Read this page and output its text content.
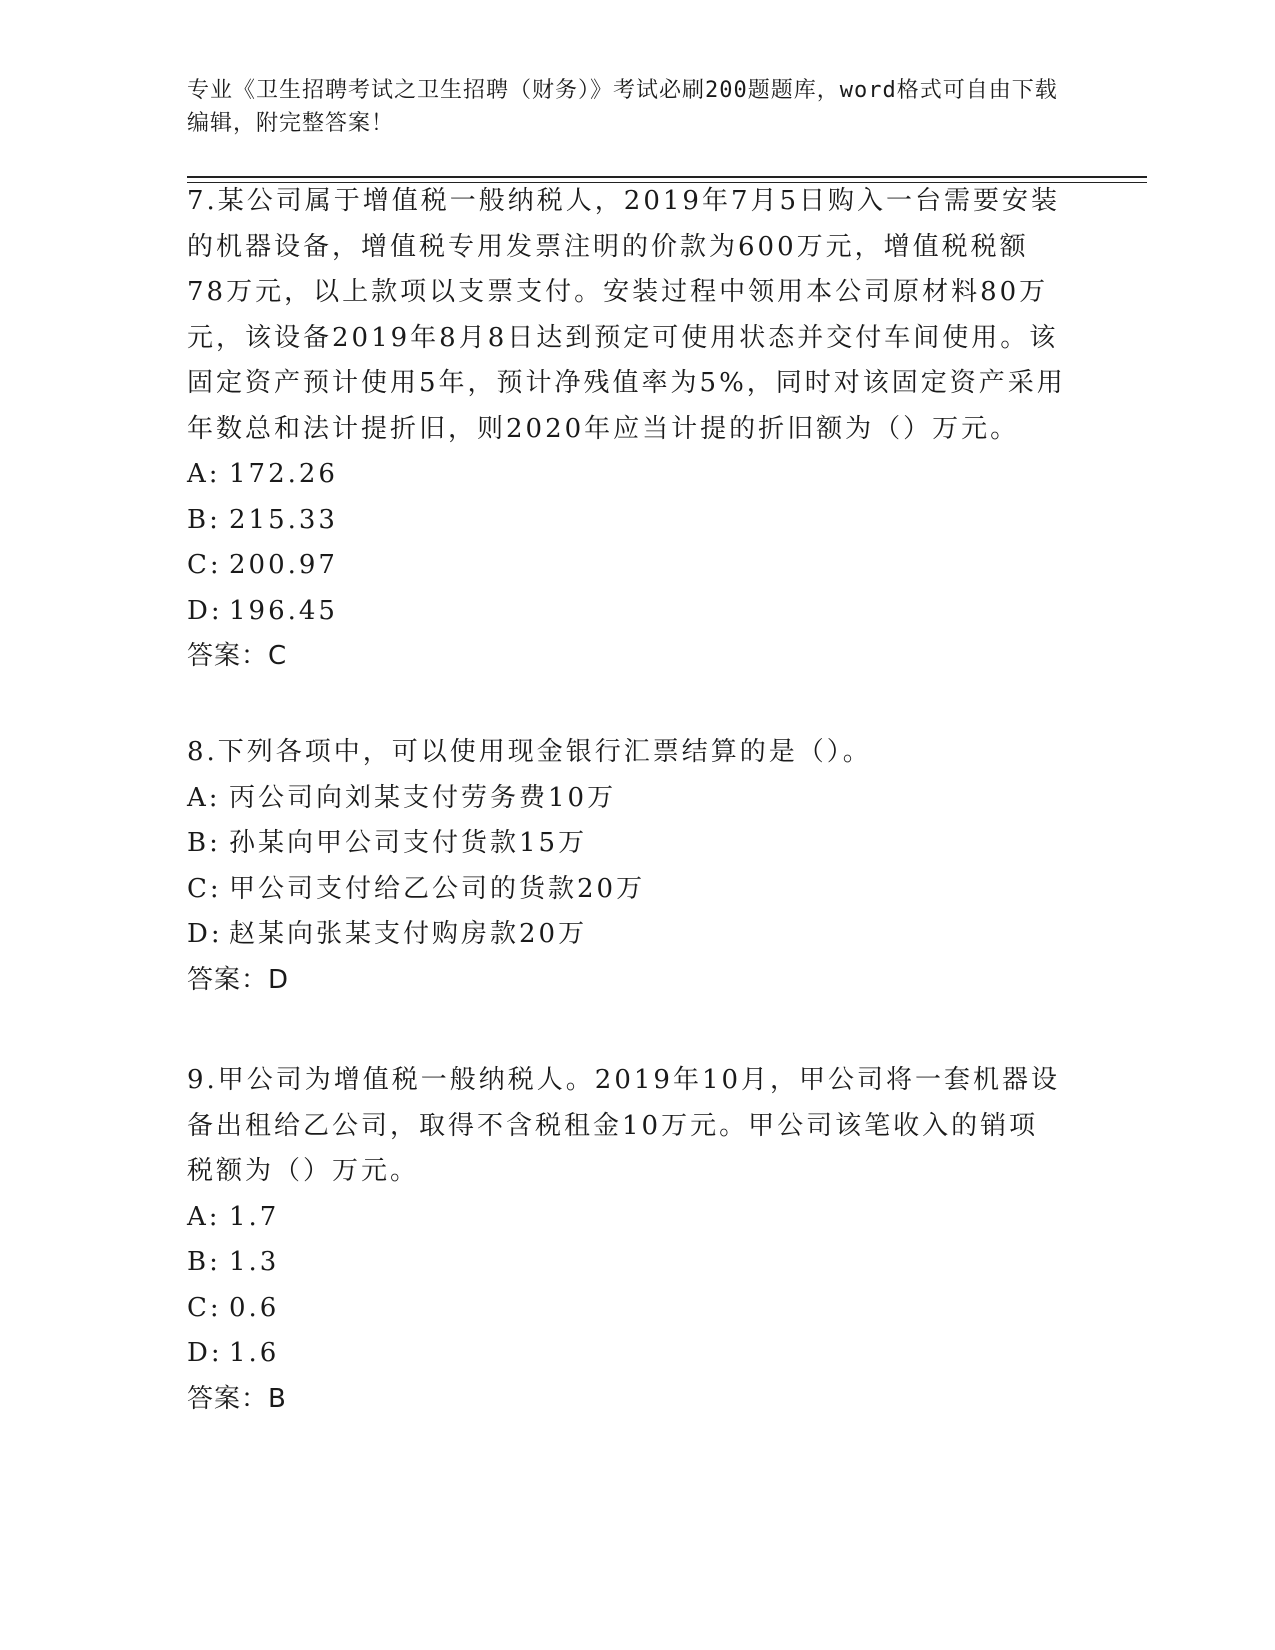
专业《卫生招聘考试之卫生招聘（财务）》考试必刷200题题库，word格式可自由下载编辑，附完整答案！

7.某公司属于增值税一般纳税人，2019年7月5日购入一台需要安装的机器设备，增值税专用发票注明的价款为600万元，增值税税额78万元，以上款项以支票支付。安装过程中领用本公司原材料80万元，该设备2019年8月8日达到预定可使用状态并交付车间使用。该固定资产预计使用5年，预计净残值率为5%，同时对该固定资产采用年数总和法计提折旧，则2020年应当计提的折旧额为（）万元。

A: 172.26

B: 215.33

C: 200.97

D: 196.45

答案：C

8.下列各项中，可以使用现金银行汇票结算的是（）。

A: 丙公司向刘某支付劳务费10万

B: 孙某向甲公司支付货款15万

C: 甲公司支付给乙公司的货款20万

D: 赵某向张某支付购房款20万

答案：D

9.甲公司为增值税一般纳税人。2019年10月，甲公司将一套机器设备出租给乙公司，取得不含税租金10万元。甲公司该笔收入的销项税额为（）万元。

A: 1.7

B: 1.3

C: 0.6

D: 1.6

答案：B
